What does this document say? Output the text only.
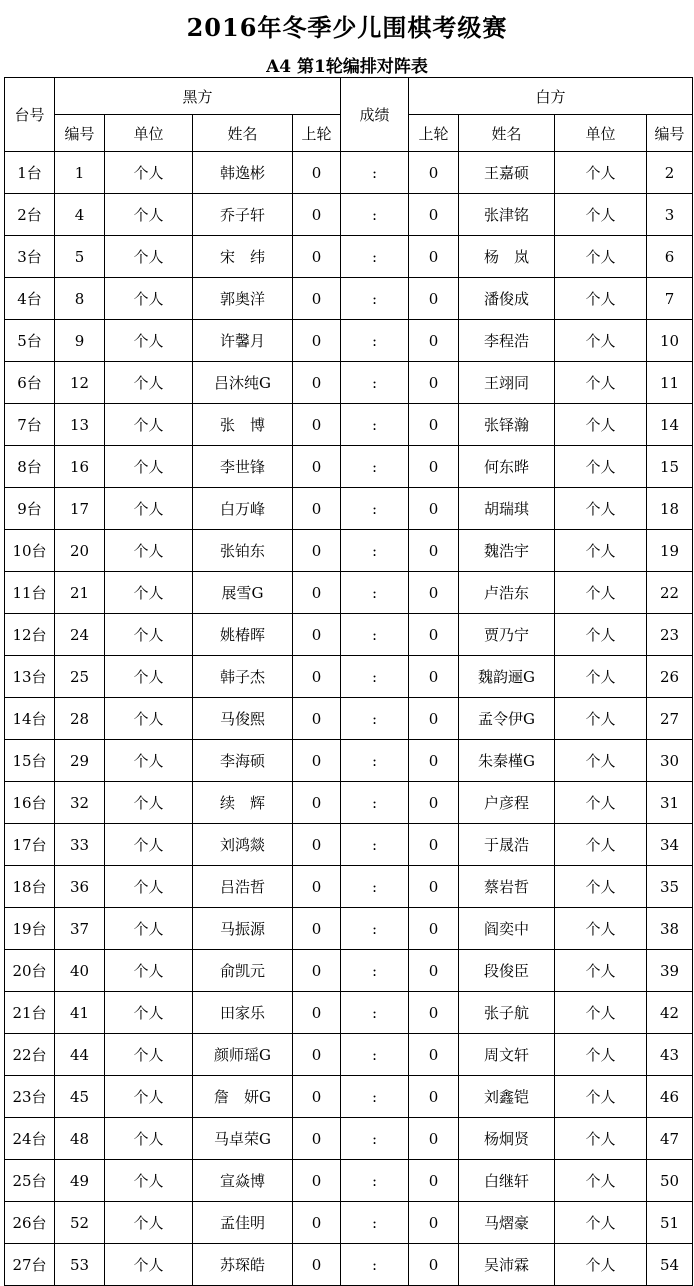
2016年冬季少儿围棋考级赛
A4 第1轮编排对阵表
台号	黑方				成绩	白方			
	编号	单位	姓名	上轮		上轮	姓名	单位	编号
1台	1	个人	韩逸彬	0	:	0	王嘉硕	个人	2
2台	4	个人	乔子轩	0	:	0	张津铭	个人	3
3台	5	个人	宋　纬	0	:	0	杨　岚	个人	6
4台	8	个人	郭奥洋	0	:	0	潘俊成	个人	7
5台	9	个人	许馨月	0	:	0	李程浩	个人	10
6台	12	个人	吕沐纯G	0	:	0	王翊同	个人	11
7台	13	个人	张　博	0	:	0	张铎瀚	个人	14
8台	16	个人	李世锋	0	:	0	何东晔	个人	15
9台	17	个人	白万峰	0	:	0	胡瑞琪	个人	18
10台	20	个人	张铂东	0	:	0	魏浩宇	个人	19
11台	21	个人	展雪G	0	:	0	卢浩东	个人	22
12台	24	个人	姚椿晖	0	:	0	贾乃宁	个人	23
13台	25	个人	韩子杰	0	:	0	魏韵逦G	个人	26
14台	28	个人	马俊熙	0	:	0	孟令伊G	个人	27
15台	29	个人	李海硕	0	:	0	朱秦槿G	个人	30
16台	32	个人	续　辉	0	:	0	户彦程	个人	31
17台	33	个人	刘鸿燚	0	:	0	于晟浩	个人	34
18台	36	个人	吕浩哲	0	:	0	蔡岩哲	个人	35
19台	37	个人	马振源	0	:	0	阎奕中	个人	38
20台	40	个人	俞凯元	0	:	0	段俊臣	个人	39
21台	41	个人	田家乐	0	:	0	张子航	个人	42
22台	44	个人	颜师瑶G	0	:	0	周文轩	个人	43
23台	45	个人	詹　妍G	0	:	0	刘鑫铠	个人	46
24台	48	个人	马卓荣G	0	:	0	杨炯贤	个人	47
25台	49	个人	宣焱博	0	:	0	白继轩	个人	50
26台	52	个人	孟佳明	0	:	0	马熠豪	个人	51
27台	53	个人	苏琛皓	0	:	0	吴沛霖	个人	54
